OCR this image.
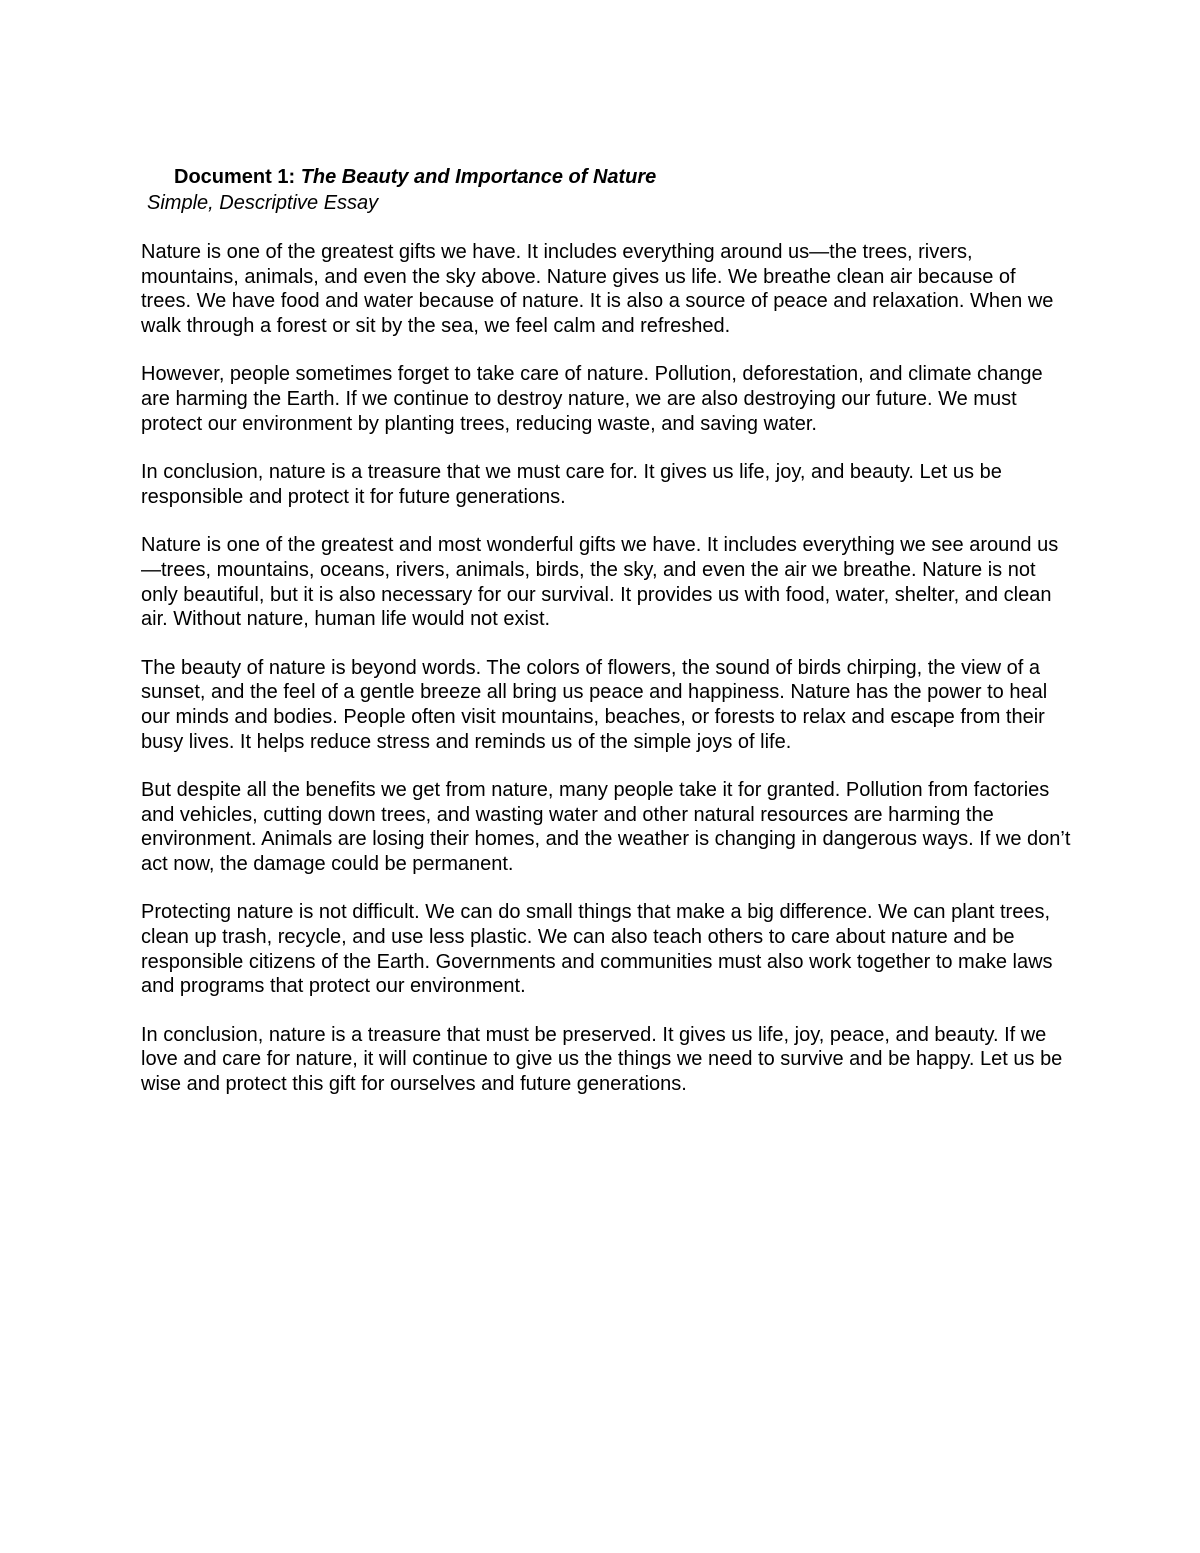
Document 1: The Beauty and Importance of Nature
Simple, Descriptive Essay

Nature is one of the greatest gifts we have. It includes everything around us—the trees, rivers, mountains, animals, and even the sky above. Nature gives us life. We breathe clean air because of trees. We have food and water because of nature. It is also a source of peace and relaxation. When we walk through a forest or sit by the sea, we feel calm and refreshed.

However, people sometimes forget to take care of nature. Pollution, deforestation, and climate change are harming the Earth. If we continue to destroy nature, we are also destroying our future. We must protect our environment by planting trees, reducing waste, and saving water.

In conclusion, nature is a treasure that we must care for. It gives us life, joy, and beauty. Let us be responsible and protect it for future generations.

Nature is one of the greatest and most wonderful gifts we have. It includes everything we see around us—trees, mountains, oceans, rivers, animals, birds, the sky, and even the air we breathe. Nature is not only beautiful, but it is also necessary for our survival. It provides us with food, water, shelter, and clean air. Without nature, human life would not exist.

The beauty of nature is beyond words. The colors of flowers, the sound of birds chirping, the view of a sunset, and the feel of a gentle breeze all bring us peace and happiness. Nature has the power to heal our minds and bodies. People often visit mountains, beaches, or forests to relax and escape from their busy lives. It helps reduce stress and reminds us of the simple joys of life.

But despite all the benefits we get from nature, many people take it for granted. Pollution from factories and vehicles, cutting down trees, and wasting water and other natural resources are harming the environment. Animals are losing their homes, and the weather is changing in dangerous ways. If we don’t act now, the damage could be permanent.

Protecting nature is not difficult. We can do small things that make a big difference. We can plant trees, clean up trash, recycle, and use less plastic. We can also teach others to care about nature and be responsible citizens of the Earth. Governments and communities must also work together to make laws and programs that protect our environment.

In conclusion, nature is a treasure that must be preserved. It gives us life, joy, peace, and beauty. If we love and care for nature, it will continue to give us the things we need to survive and be happy. Let us be wise and protect this gift for ourselves and future generations.
